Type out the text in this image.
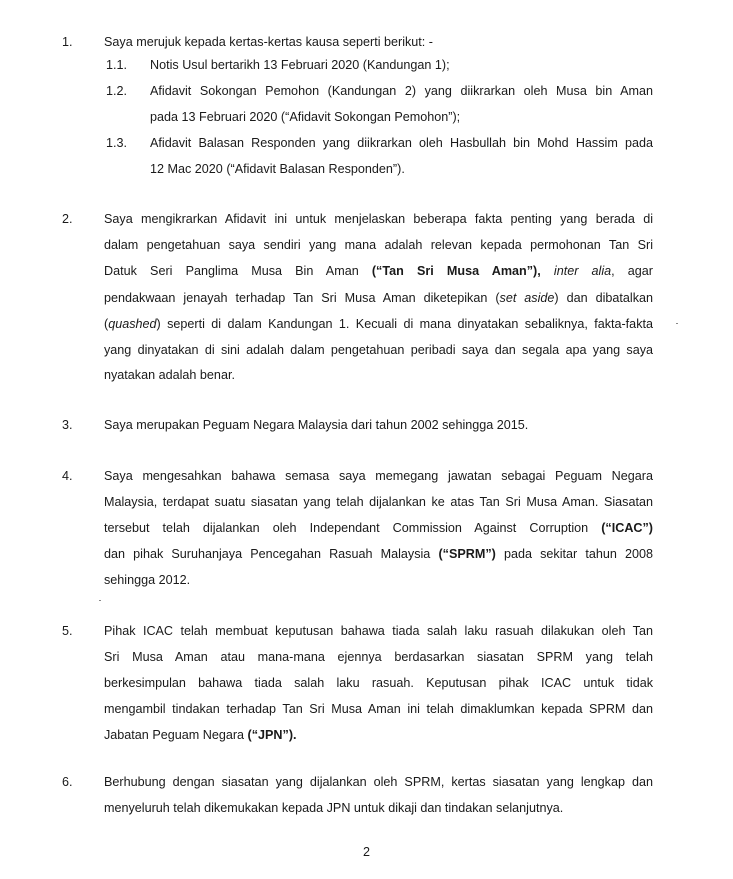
1. Saya merujuk kepada kertas-kertas kausa seperti berikut: -
1.1. Notis Usul bertarikh 13 Februari 2020 (Kandungan 1);
1.2. Afidavit Sokongan Pemohon (Kandungan 2) yang diikrarkan oleh Musa bin Aman
pada 13 Februari 2020 (“Afidavit Sokongan Pemohon”);
1.3. Afidavit Balasan Responden yang diikrarkan oleh Hasbullah bin Mohd Hassim pada
12 Mac 2020 (“Afidavit Balasan Responden”).
2. Saya mengikrarkan Afidavit ini untuk menjelaskan beberapa fakta penting yang berada di
dalam pengetahuan saya sendiri yang mana adalah relevan kepada permohonan Tan Sri
Datuk Seri Panglima Musa Bin Aman (“Tan Sri Musa Aman”), inter alia, agar
pendakwaan jenayah terhadap Tan Sri Musa Aman diketepikan (set aside) dan dibatalkan
(quashed) seperti di dalam Kandungan 1. Kecuali di mana dinyatakan sebaliknya, fakta-fakta
yang dinyatakan di sini adalah dalam pengetahuan peribadi saya dan segala apa yang saya
nyatakan adalah benar.
3. Saya merupakan Peguam Negara Malaysia dari tahun 2002 sehingga 2015.
4. Saya mengesahkan bahawa semasa saya memegang jawatan sebagai Peguam Negara
Malaysia, terdapat suatu siasatan yang telah dijalankan ke atas Tan Sri Musa Aman. Siasatan
tersebut telah dijalankan oleh Independant Commission Against Corruption (“ICAC”)
dan pihak Suruhanjaya Pencegahan Rasuah Malaysia (“SPRM”) pada sekitar tahun 2008
sehingga 2012.
5. Pihak ICAC telah membuat keputusan bahawa tiada salah laku rasuah dilakukan oleh Tan
Sri Musa Aman atau mana-mana ejennya berdasarkan siasatan SPRM yang telah
berkesimpulan bahawa tiada salah laku rasuah. Keputusan pihak ICAC untuk tidak
mengambil tindakan terhadap Tan Sri Musa Aman ini telah dimaklumkan kepada SPRM dan
Jabatan Peguam Negara (“JPN”).
6. Berhubung dengan siasatan yang dijalankan oleh SPRM, kertas siasatan yang lengkap dan
menyeluruh telah dikemukakan kepada JPN untuk dikaji dan tindakan selanjutnya.
2
